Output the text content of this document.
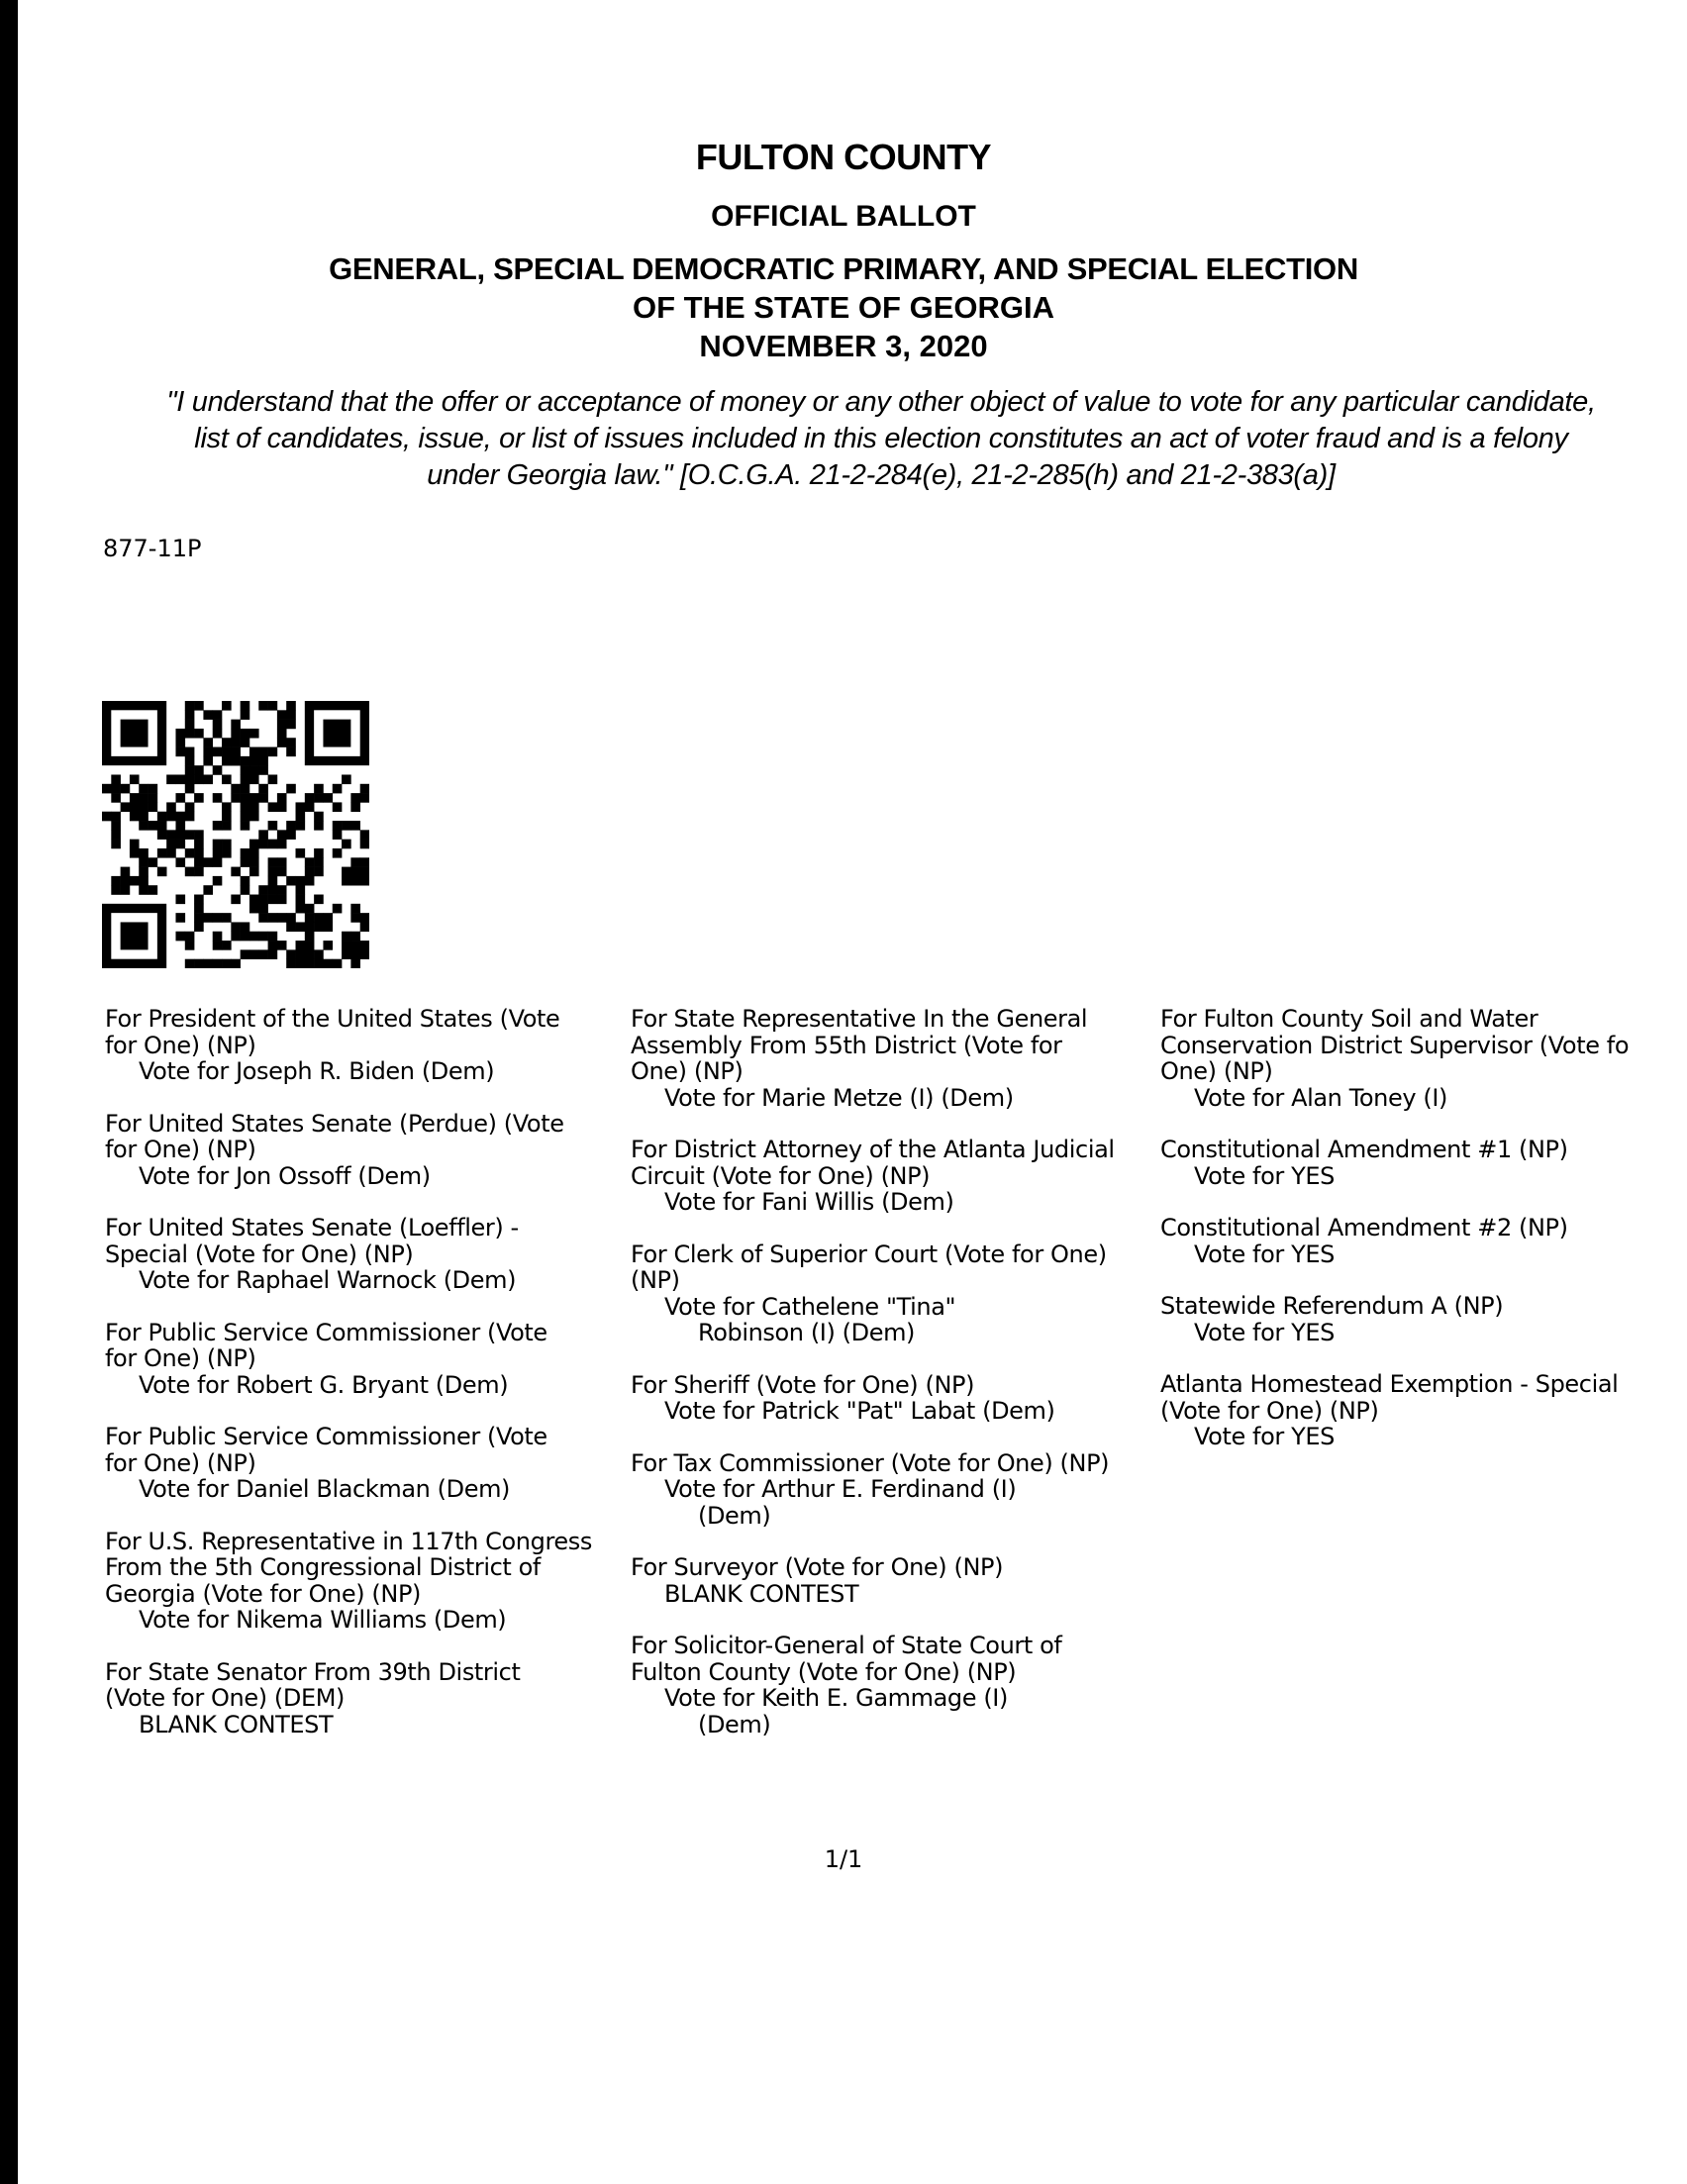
FULTON COUNTY
OFFICIAL BALLOT
GENERAL, SPECIAL DEMOCRATIC PRIMARY, AND SPECIAL ELECTION
OF THE STATE OF GEORGIA
NOVEMBER 3, 2020
"I understand that the offer or acceptance of money or any other object of value to vote for any particular candidate,
list of candidates, issue, or list of issues included in this election constitutes an act of voter fraud and is a felony
under Georgia law." [O.C.G.A. 21-2-284(e), 21-2-285(h) and 21-2-383(a)]
877-11P
For President of the United States (Vote
for One) (NP)
Vote for Joseph R. Biden (Dem)
For United States Senate (Perdue) (Vote
for One) (NP)
Vote for Jon Ossoff (Dem)
For United States Senate (Loeffler) -
Special (Vote for One) (NP)
Vote for Raphael Warnock (Dem)
For Public Service Commissioner (Vote
for One) (NP)
Vote for Robert G. Bryant (Dem)
For Public Service Commissioner (Vote
for One) (NP)
Vote for Daniel Blackman (Dem)
For U.S. Representative in 117th Congress
From the 5th Congressional District of
Georgia (Vote for One) (NP)
Vote for Nikema Williams (Dem)
For State Senator From 39th District
(Vote for One) (DEM)
BLANK CONTEST
For State Representative In the General
Assembly From 55th District (Vote for
One) (NP)
Vote for Marie Metze (I) (Dem)
For District Attorney of the Atlanta Judicial
Circuit (Vote for One) (NP)
Vote for Fani Willis (Dem)
For Clerk of Superior Court (Vote for One)
(NP)
Vote for Cathelene "Tina"
Robinson (I) (Dem)
For Sheriff (Vote for One) (NP)
Vote for Patrick "Pat" Labat (Dem)
For Tax Commissioner (Vote for One) (NP)
Vote for Arthur E. Ferdinand (I)
(Dem)
For Surveyor (Vote for One) (NP)
BLANK CONTEST
For Solicitor-General of State Court of
Fulton County (Vote for One) (NP)
Vote for Keith E. Gammage (I)
(Dem)
For Fulton County Soil and Water
Conservation District Supervisor (Vote fo
One) (NP)
Vote for Alan Toney (I)
Constitutional Amendment #1 (NP)
Vote for YES
Constitutional Amendment #2 (NP)
Vote for YES
Statewide Referendum A (NP)
Vote for YES
Atlanta Homestead Exemption - Special
(Vote for One) (NP)
Vote for YES
1/1
